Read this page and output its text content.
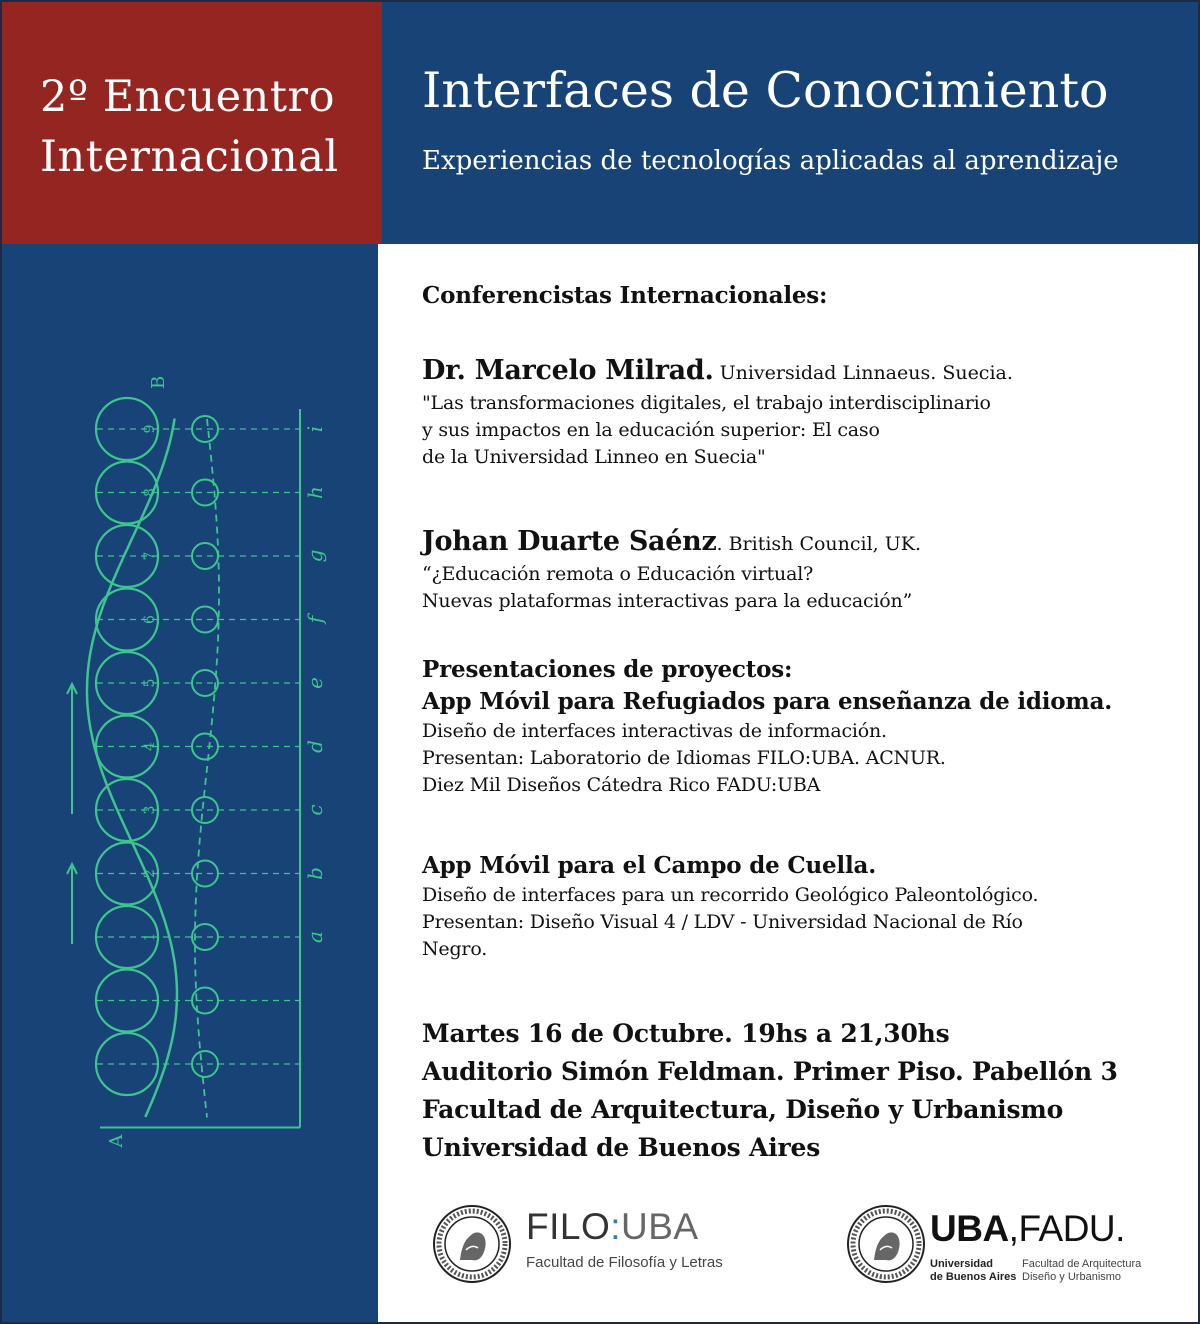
2º Encuentro
Internacional
Interfaces de Conocimiento
Experiencias de tecnologías aplicadas al aprendizaje
i
h
g
f
e
d
c
b
a
9
8
7
6
5
4
3
2
1
A
B
Conferencistas Internacionales:
Dr. Marcelo Milrad. Universidad Linnaeus. Suecia.
"Las transformaciones digitales, el trabajo interdisciplinario
y sus impactos en la educación superior: El caso
de la Universidad Linneo en Suecia"
Johan Duarte Saénz. British Council, UK.
“¿Educación remota o Educación virtual?
Nuevas plataformas interactivas para la educación”
Presentaciones de proyectos:
App Móvil para Refugiados para enseñanza de idioma.
Diseño de interfaces interactivas de información.
Presentan: Laboratorio de Idiomas FILO:UBA. ACNUR.
Diez Mil Diseños Cátedra Rico FADU:UBA
App Móvil para el Campo de Cuella.
Diseño de interfaces para un recorrido Geológico Paleontológico.
Presentan: Diseño Visual 4 / LDV - Universidad Nacional de Río
Negro.
Martes 16 de Octubre. 19hs a 21,30hs
Auditorio Simón Feldman. Primer Piso. Pabellón 3
Facultad de Arquitectura, Diseño y Urbanismo
Universidad de Buenos Aires
FILO:UBA
Facultad de Filosofía y Letras
UBA,FADU.
Universidad
de Buenos Aires
Facultad de Arquitectura
Diseño y Urbanismo
